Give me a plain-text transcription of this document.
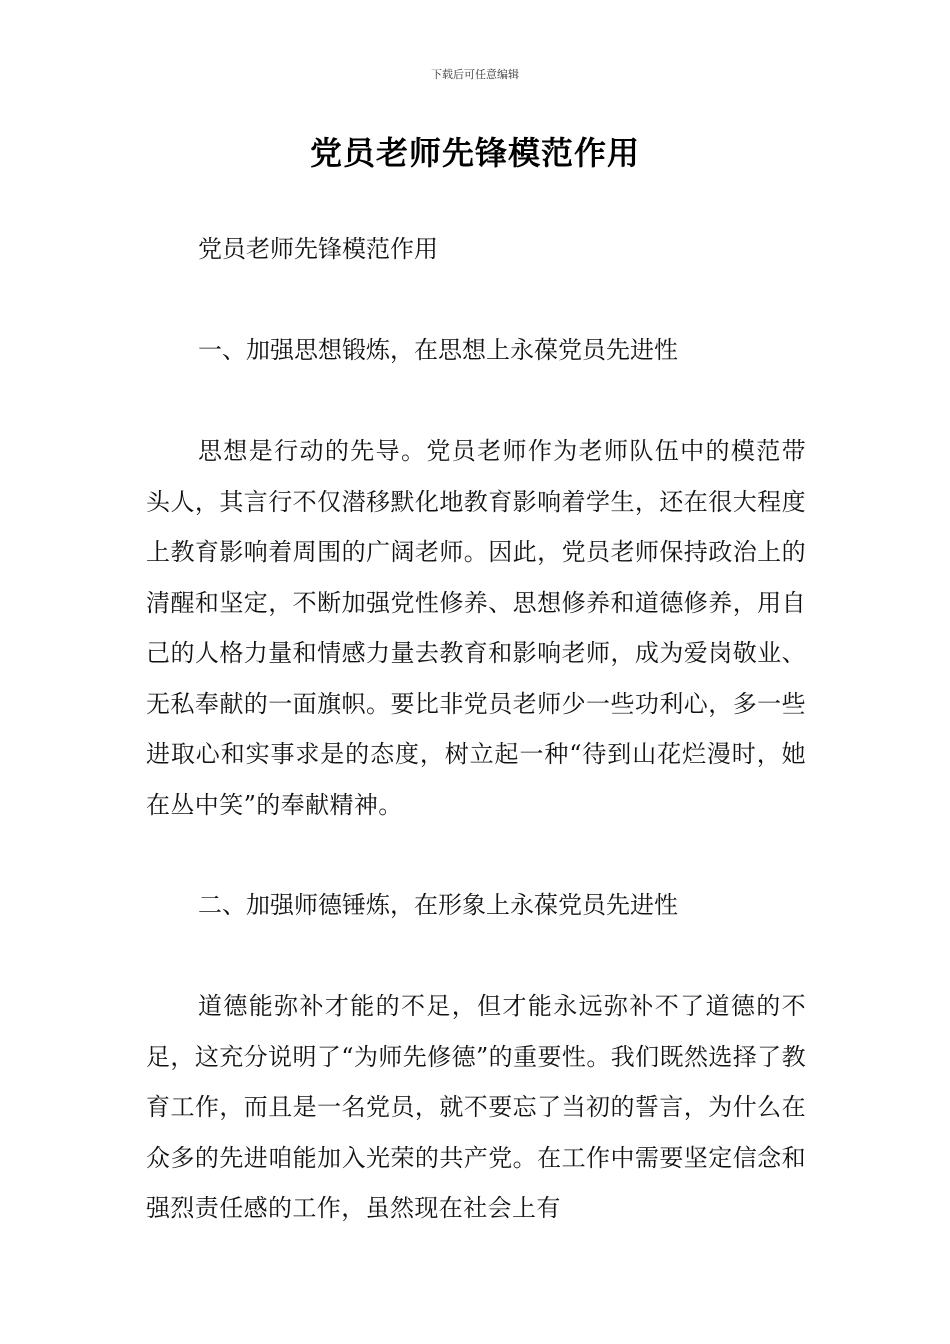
下载后可任意编辑
党员老师先锋模范作用

党员老师先锋模范作用

一、加强思想锻炼，在思想上永葆党员先进性

思想是行动的先导。党员老师作为老师队伍中的模范带头人，其言行不仅潜移默化地教育影响着学生，还在很大程度上教育影响着周围的广阔老师。因此，党员老师保持政治上的清醒和坚定，不断加强党性修养、思想修养和道德修养，用自己的人格力量和情感力量去教育和影响老师，成为爱岗敬业、无私奉献的一面旗帜。要比非党员老师少一些功利心，多一些进取心和实事求是的态度，树立起一种“待到山花烂漫时，她在丛中笑”的奉献精神。

二、加强师德锤炼，在形象上永葆党员先进性

道德能弥补才能的不足，但才能永远弥补不了道德的不足，这充分说明了“为师先修德”的重要性。我们既然选择了教育工作，而且是一名党员，就不要忘了当初的誓言，为什么在众多的先进咱能加入光荣的共产党。在工作中需要坚定信念和强烈责任感的工作，虽然现在社会上有
